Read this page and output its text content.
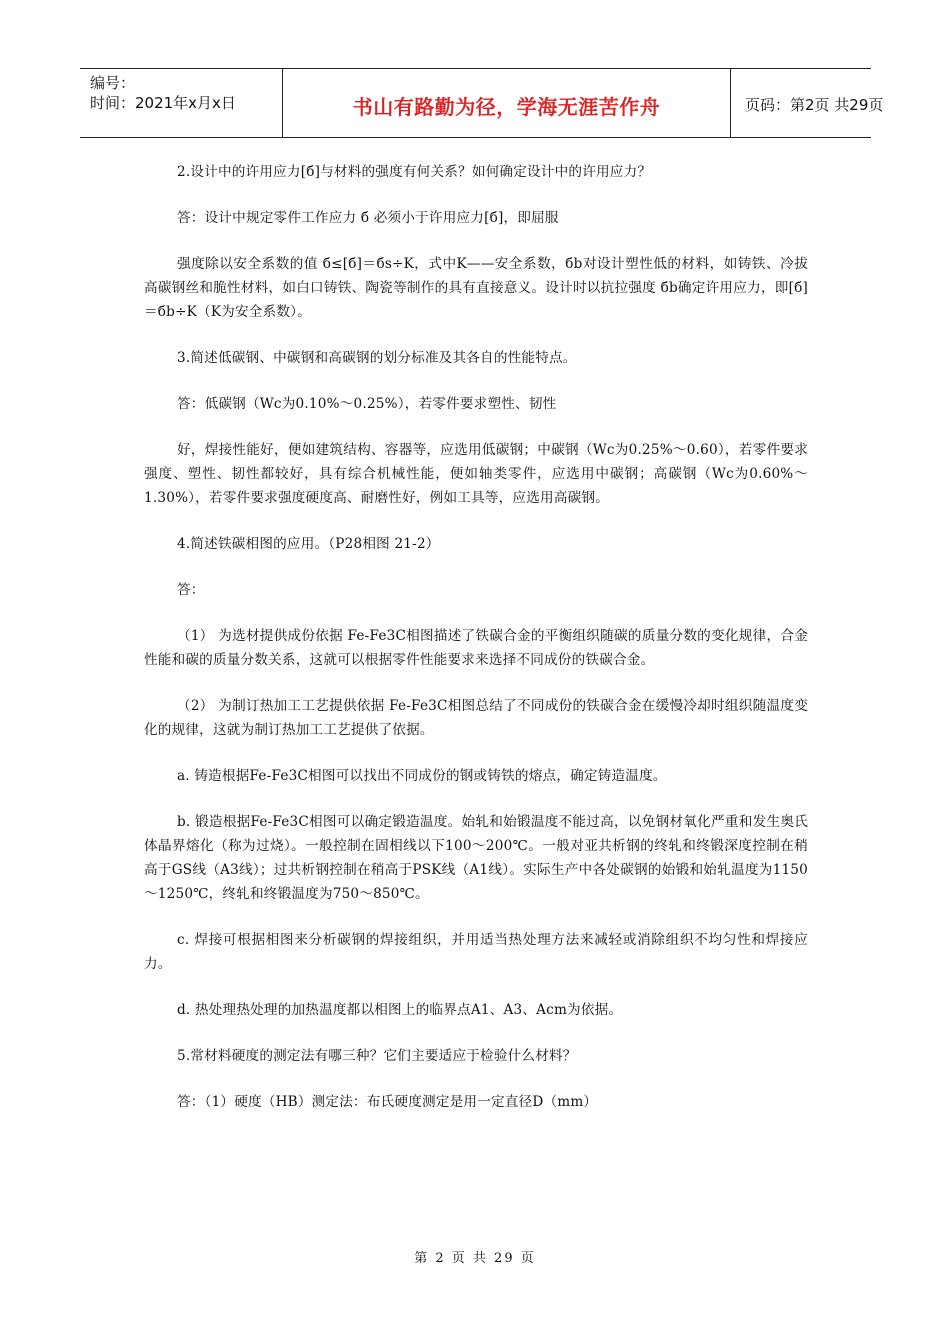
编号：
时间：2021年x月x日	书山有路勤为径，学海无涯苦作舟	页码：第2页 共29页

2.设计中的许用应力[б]与材料的强度有何关系？如何确定设计中的许用应力？

答：设计中规定零件工作应力 б 必须小于许用应力[б]，即屈服

强度除以安全系数的值 б≤[б]＝бs÷K，式中K——安全系数，бb对设计塑性低的材料，如铸铁、冷拔高碳钢丝和脆性材料，如白口铸铁、陶瓷等制作的具有直接意义。设计时以抗拉强度 бb确定许用应力，即[б]＝бb÷K（K为安全系数）。

3.简述低碳钢、中碳钢和高碳钢的划分标准及其各自的性能特点。

答：低碳钢（Wc为0.10%～0.25%），若零件要求塑性、韧性

好，焊接性能好，便如建筑结构、容器等，应选用低碳钢；中碳钢（Wc为0.25%～0.60），若零件要求强度、塑性、韧性都较好，具有综合机械性能，便如轴类零件，应选用中碳钢；高碳钢（Wc为0.60%～1.30%），若零件要求强度硬度高、耐磨性好，例如工具等，应选用高碳钢。

4.简述铁碳相图的应用。（P28相图 21-2）

答：

（1） 为选材提供成份依据 Fe-Fe3C相图描述了铁碳合金的平衡组织随碳的质量分数的变化规律，合金性能和碳的质量分数关系，这就可以根据零件性能要求来选择不同成份的铁碳合金。

（2） 为制订热加工工艺提供依据 Fe-Fe3C相图总结了不同成份的铁碳合金在缓慢冷却时组织随温度变化的规律，这就为制订热加工工艺提供了依据。

a. 铸造根据Fe-Fe3C相图可以找出不同成份的钢或铸铁的熔点，确定铸造温度。

b. 锻造根据Fe-Fe3C相图可以确定锻造温度。始轧和始锻温度不能过高，以免钢材氧化严重和发生奥氏体晶界熔化（称为过烧）。一般控制在固相线以下100～200℃。一般对亚共析钢的终轧和终锻深度控制在稍高于GS线（A3线）；过共析钢控制在稍高于PSK线（A1线）。实际生产中各处碳钢的始锻和始轧温度为1150～1250℃，终轧和终锻温度为750～850℃。

c. 焊接可根据相图来分析碳钢的焊接组织，并用适当热处理方法来减轻或消除组织不均匀性和焊接应力。

d. 热处理热处理的加热温度都以相图上的临界点A1、A3、Acm为依据。

5.常材料硬度的测定法有哪三种？它们主要适应于检验什么材料？

答：（1）硬度（HB）测定法：布氏硬度测定是用一定直径D（mm）

第 2 页 共 29 页
